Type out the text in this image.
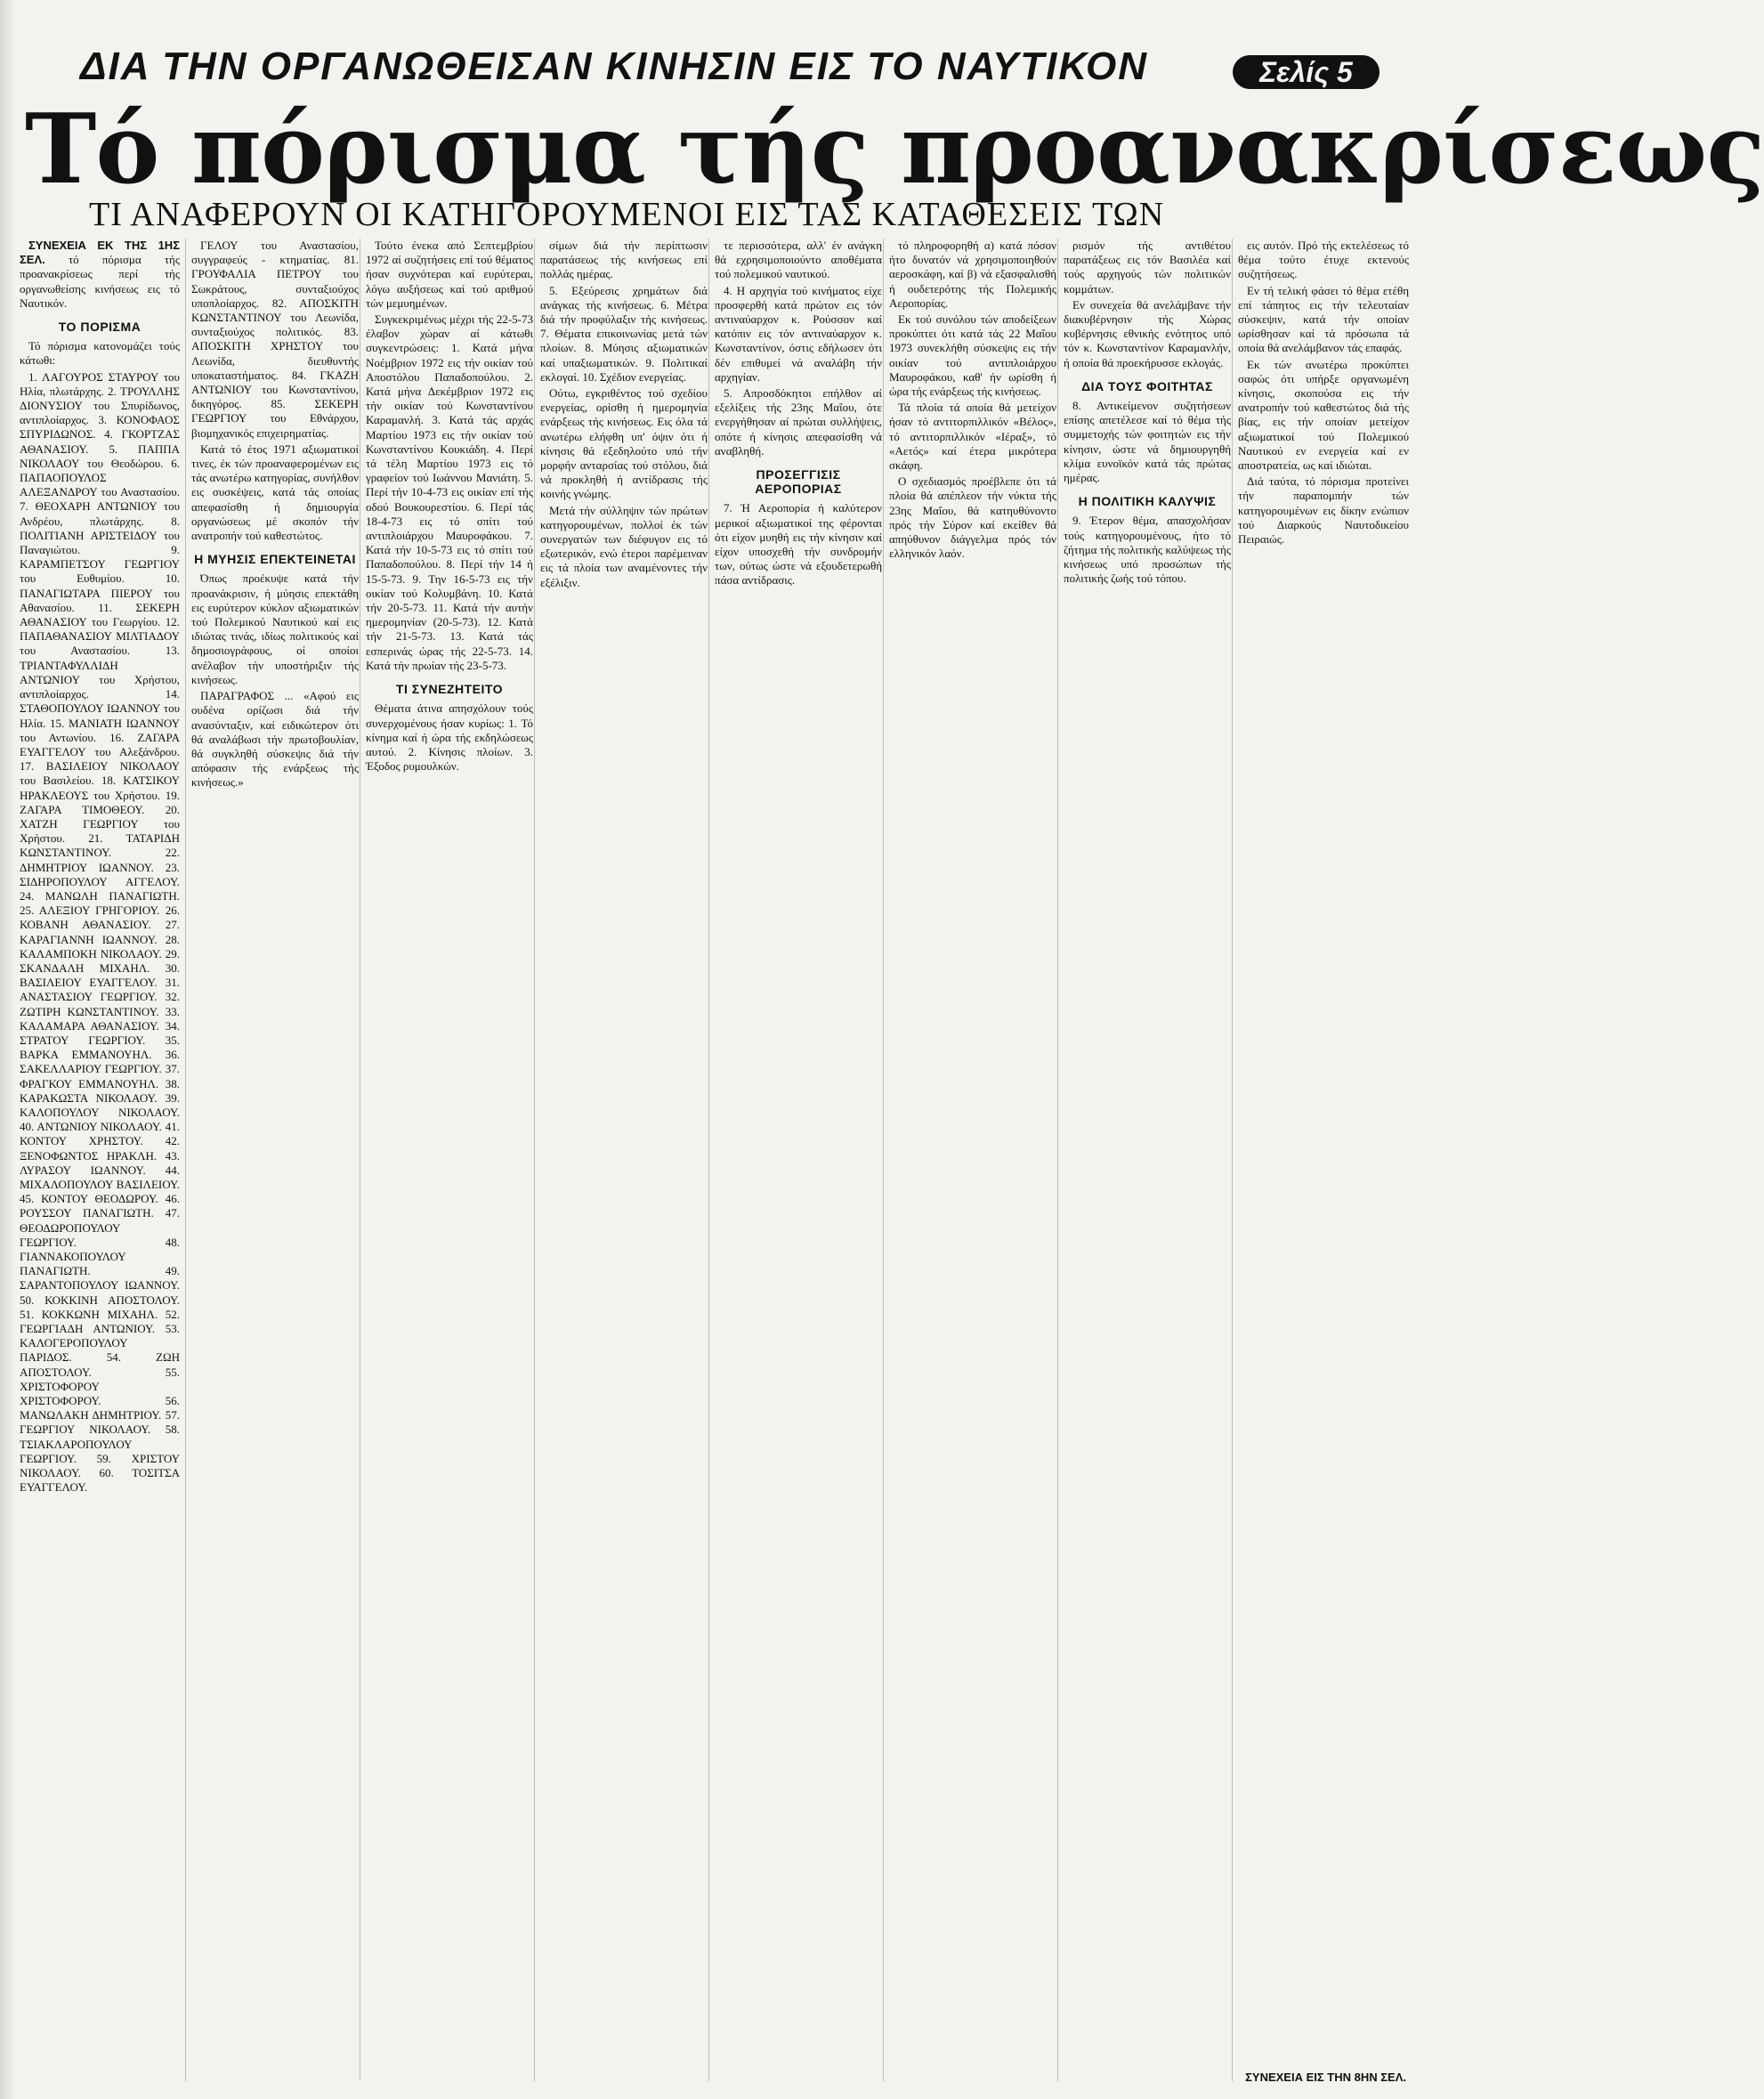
ΔΙΑ ΤΗΝ ΟΡΓΑΝΩΘΕΙΣΑΝ ΚΙΝΗΣΙΝ ΕΙΣ ΤΟ ΝΑΥΤΙΚΟΝ	Σελίς 5
Τό πόρισμα τής προανακρίσεως
ΤΙ ΑΝΑΦΕΡΟΥΝ ΟΙ ΚΑΤΗΓΟΡΟΥΜΕΝΟΙ ΕΙΣ ΤΑΣ ΚΑΤΑΘΕΣΕΙΣ ΤΩΝ

ΣΥΝΕΧΕΙΑ ΕΚ ΤΗΣ 1ΗΣ ΣΕΛ. τό πόρισμα τής προανακρίσεως περί τής οργανωθείσης κινήσεως εις τό Ναυτικόν.

ΤΟ ΠΟΡΙΣΜΑ

Τό πόρισμα κατονομάζει τούς κάτωθι:

1. ΛΑΓΟΥΡΟΣ ΣΤΑΥΡΟΥ του Ηλία, πλωτάρχης. 2. ΤΡΟΥΛΛΗΣ ΔΙΟΝΥΣΙΟΥ του Σπυρίδωνος, αντιπλοίαρχος. 3. ΚΟΝΟΦΑΟΣ ΣΠΥΡΙΔΩΝΟΣ. 4. ΓΚΟΡΤΖΑΣ ΑΘΑΝΑΣΙΟΥ. 5. ΠΑΠΠΑ ΝΙΚΟΛΑΟΥ του Θεοδώρου. 6. ΠΑΠΑΟΠΟΥΛΟΣ ΑΛΕΞΑΝΔΡΟΥ του Αναστασίου. 7. ΘΕΟΧΑΡΗ ΑΝΤΩΝΙΟΥ του Ανδρέου, πλωτάρχης. 8. ΠΟΛΙΤΙΑΝΗ ΑΡΙΣΤΕΙΔΟΥ του Παναγιώτου. 9. ΚΑΡΑΜΠΕΤΣΟΥ ΓΕΩΡΓΙΟΥ του Ευθυμίου. 10. ΠΑΝΑΓΙΩΤΑΡΑ ΠΙΕΡΟΥ του Αθανασίου. 11. ΣΕΚΕΡΗ ΑΘΑΝΑΣΙΟΥ του Γεωργίου. 12. ΠΑΠΑΘΑΝΑΣΙΟΥ ΜΙΛΤΙΑΔΟΥ του Αναστασίου. 13. ΤΡΙΑΝΤΑΦΥΛΛΙΔΗ ΑΝΤΩΝΙΟΥ του Χρήστου, αντιπλοίαρχος. 14. ΣΤΑΘΟΠΟΥΛΟΥ ΙΩΑΝΝΟΥ του Ηλία. 15. ΜΑΝΙΑΤΗ ΙΩΑΝΝΟΥ του Αντωνίου. 16. ΖΑΓΑΡΑ ΕΥΑΓΓΕΛΟΥ του Αλεξάνδρου. 17. ΒΑΣΙΛΕΙΟΥ ΝΙΚΟΛΑΟΥ του Βασιλείου. 18. ΚΑΤΣΙΚΟΥ ΗΡΑΚΛΕΟΥΣ του Χρήστου. 19. ΖΑΓΑΡΑ ΤΙΜΟΘΕΟΥ. 20. ΧΑΤΖΗ ΓΕΩΡΓΙΟΥ του Χρήστου. 21. ΤΑΤΑΡΙΔΗ ΚΩΝΣΤΑΝΤΙΝΟΥ. 22. ΔΗΜΗΤΡΙΟΥ ΙΩΑΝΝΟΥ. 23. ΣΙΔΗΡΟΠΟΥΛΟΥ ΑΓΓΕΛΟΥ. 24. ΜΑΝΩΛΗ ΠΑΝΑΓΙΩΤΗ. 25. ΑΛΕΞΙΟΥ ΓΡΗΓΟΡΙΟΥ. 26. ΚΟΒΑΝΗ ΑΘΑΝΑΣΙΟΥ. 27. ΚΑΡΑΓΙΑΝΝΗ ΙΩΑΝΝΟΥ. 28. ΚΑΛΑΜΠΟΚΗ ΝΙΚΟΛΑΟΥ. 29. ΣΚΑΝΔΑΛΗ ΜΙΧΑΗΛ. 30. ΒΑΣΙΛΕΙΟΥ ΕΥΑΓΓΕΛΟΥ. 31. ΑΝΑΣΤΑΣΙΟΥ ΓΕΩΡΓΙΟΥ. 32. ΖΩΤΙΡΗ ΚΩΝΣΤΑΝΤΙΝΟΥ. 33. ΚΑΛΑΜΑΡΑ ΑΘΑΝΑΣΙΟΥ. 34. ΣΤΡΑΤΟΥ ΓΕΩΡΓΙΟΥ. 35. ΒΑΡΚΑ ΕΜΜΑΝΟΥΗΛ. 36. ΣΑΚΕΛΛΑΡΙΟΥ ΓΕΩΡΓΙΟΥ. 37. ΦΡΑΓΚΟΥ ΕΜΜΑΝΟΥΗΛ. 38. ΚΑΡΑΚΩΣΤΑ ΝΙΚΟΛΑΟΥ. 39. ΚΑΛΟΠΟΥΛΟΥ ΝΙΚΟΛΑΟΥ. 40. ΑΝΤΩΝΙΟΥ ΝΙΚΟΛΑΟΥ. 41. ΚΟΝΤΟΥ ΧΡΗΣΤΟΥ. 42. ΞΕΝΟΦΩΝΤΟΣ ΗΡΑΚΛΗ. 43. ΛΥΡΑΣΟΥ ΙΩΑΝΝΟΥ. 44. ΜΙΧΑΛΟΠΟΥΛΟΥ ΒΑΣΙΛΕΙΟΥ. 45. ΚΟΝΤΟΥ ΘΕΟΔΩΡΟΥ. 46. ΡΟΥΣΣΟΥ ΠΑΝΑΓΙΩΤΗ. 47. ΘΕΟΔΩΡΟΠΟΥΛΟΥ ΓΕΩΡΓΙΟΥ. 48. ΓΙΑΝΝΑΚΟΠΟΥΛΟΥ ΠΑΝΑΓΙΩΤΗ. 49. ΣΑΡΑΝΤΟΠΟΥΛΟΥ ΙΩΑΝΝΟΥ. 50. ΚΟΚΚΙΝΗ ΑΠΟΣΤΟΛΟΥ. 51. ΚΟΚΚΩΝΗ ΜΙΧΑΗΛ. 52. ΓΕΩΡΓΙΑΔΗ ΑΝΤΩΝΙΟΥ. 53. ΚΑΛΟΓΕΡΟΠΟΥΛΟΥ ΠΑΡΙΔΟΣ. 54. ΖΩΗ ΑΠΟΣΤΟΛΟΥ. 55. ΧΡΙΣΤΟΦΟΡΟΥ ΧΡΙΣΤΟΦΟΡΟΥ. 56. ΜΑΝΩΛΑΚΗ ΔΗΜΗΤΡΙΟΥ. 57. ΓΕΩΡΓΙΟΥ ΝΙΚΟΛΑΟΥ. 58. ΤΣΙΑΚΛΑΡΟΠΟΥΛΟΥ ΓΕΩΡΓΙΟΥ. 59. ΧΡΙΣΤΟΥ ΝΙΚΟΛΑΟΥ. 60. ΤΟΣΙΤΣΑ ΕΥΑΓΓΕΛΟΥ.

ΓΕΛΟΥ του Αναστασίου, συγγραφεύς - κτηματίας. 81. ΓΡΟΥΦΑΛΙΑ ΠΕΤΡΟΥ του Σωκράτους, συνταξιούχος υποπλοίαρχος. 82. ΑΠΟΣΚΙΤΗ ΚΩΝΣΤΑΝΤΙΝΟΥ του Λεωνίδα, συνταξιούχος πολιτικός. 83. ΑΠΟΣΚΙΤΗ ΧΡΗΣΤΟΥ του Λεωνίδα, διευθυντής υποκαταστήματος. 84. ΓΚΑΖΗ ΑΝΤΩΝΙΟΥ του Κωνσταντίνου, δικηγόρος. 85. ΣΕΚΕΡΗ ΓΕΩΡΓΙΟΥ του Εθνάρχου, βιομηχανικός επιχειρηματίας.

Κατά τό έτος 1971 αξιωματικοί τινες, έκ τών προαναφερομένων εις τάς ανωτέρω κατηγορίας, συνήλθον εις συσκέψεις, κατά τάς οποίας απεφασίσθη ή δημιουργία οργανώσεως μέ σκοπόν τήν ανατροπήν τού καθεστώτος.

Η ΜΥΗΣΙΣ ΕΠΕΚΤΕΙΝΕΤΑΙ

Όπως προέκυψε κατά τήν προανάκρισιν, ή μύησις επεκτάθη εις ευρύτερον κύκλον αξιωματικών τού Πολεμικού Ναυτικού καί εις ιδιώτας τινάς, ιδίως πολιτικούς καί δημοσιογράφους, οί οποίοι ανέλαβον τήν υποστήριξιν τής κινήσεως.

ΠΑΡΑΓΡΑΦΟΣ ... «Αφού εις ουδένα ορίζωσι διά τήν ανασύνταξιν, καί ειδικώτερον ότι θά αναλάβωσι τήν πρωτοβουλίαν, θά συγκληθή σύσκεψις διά τήν απόφασιν τής ενάρξεως τής κινήσεως.»

Τούτο ένεκα από Σεπτεμβρίου 1972 αί συζητήσεις επί τού θέματος ήσαν συχνότεραι καί ευρύτεραι, λόγω αυξήσεως καί τού αριθμού τών μεμυημένων.

Συγκεκριμένως μέχρι τής 22-5-73 έλαβον χώραν αί κάτωθι συγκεντρώσεις: 1. Κατά μήνα Νοέμβριον 1972 εις τήν οικίαν τού Αποστόλου Παπαδοπούλου. 2. Κατά μήνα Δεκέμβριον 1972 εις τήν οικίαν τού Κωνσταντίνου Καραμανλή. 3. Κατά τάς αρχάς Μαρτίου 1973 εις τήν οικίαν τού Κωνσταντίνου Κουκιάδη. 4. Περί τά τέλη Μαρτίου 1973 εις τό γραφείον τού Ιωάννου Μανιάτη. 5. Περί τήν 10-4-73 εις οικίαν επί τής οδού Βουκουρεστίου. 6. Περί τάς 18-4-73 εις τό σπίτι τού αντιπλοιάρχου Μαυροφάκου. 7. Κατά τήν 10-5-73 εις τό σπίτι τού Παπαδοπούλου. 8. Περί τήν 14 ή 15-5-73. 9. Την 16-5-73 εις τήν οικίαν τού Κολυμβάνη. 10. Κατά τήν 20-5-73. 11. Κατά τήν αυτήν ημερομηνίαν (20-5-73). 12. Κατά τήν 21-5-73. 13. Κατά τάς εσπερινάς ώρας τής 22-5-73. 14. Κατά τήν πρωίαν τής 23-5-73.

ΤΙ ΣΥΝΕΖΗΤΕΙΤΟ

Θέματα άτινα απησχόλουν τούς συνερχομένους ήσαν κυρίως: 1. Τό κίνημα καί ή ώρα τής εκδηλώσεως αυτού. 2. Κίνησις πλοίων. 3. Έξοδος ρυμουλκών.

σίμων διά τήν περίπτωσιν παρατάσεως τής κινήσεως επί πολλάς ημέρας.

5. Εξεύρεσις χρημάτων διά ανάγκας τής κινήσεως. 6. Μέτρα διά τήν προφύλαξιν τής κινήσεως. 7. Θέματα επικοινωνίας μετά τών πλοίων. 8. Μύησις αξιωματικών καί υπαξιωματικών. 9. Πολιτικαί εκλογαί. 10. Σχέδιον ενεργείας.

Ούτω, εγκριθέντος τού σχεδίου ενεργείας, ορίσθη ή ημερομηνία ενάρξεως τής κινήσεως. Εις όλα τά ανωτέρω ελήφθη υπ' όψιν ότι ή κίνησις θά εξεδηλούτο υπό τήν μορφήν ανταρσίας τού στόλου, διά νά προκληθή ή αντίδρασις τής κοινής γνώμης.

Μετά τήν σύλληψιν τών πρώτων κατηγορουμένων, πολλοί έκ τών συνεργατών των διέφυγον εις τό εξωτερικόν, ενώ έτεροι παρέμειναν εις τά πλοία των αναμένοντες τήν εξέλιξιν.

τε περισσότερα, αλλ' έν ανάγκη θά εχρησιμοποιούντο αποθέματα τού πολεμικού ναυτικού.

4. Η αρχηγία τού κινήματος είχε προσφερθή κατά πρώτον εις τόν αντιναύαρχον κ. Ρούσσον καί κατόπιν εις τόν αντιναύαρχον κ. Κωνσταντίνον, όστις εδήλωσεν ότι δέν επιθυμεί νά αναλάβη τήν αρχηγίαν.

5. Απροσδόκητοι επήλθον αί εξελίξεις τής 23ης Μαΐου, ότε ενεργήθησαν αί πρώται συλλήψεις, οπότε ή κίνησις απεφασίσθη νά αναβληθή.

ΠΡΟΣΕΓΓΙΣΙΣ ΑΕΡΟΠΟΡΙΑΣ

7. Ή Αεροπορία ή καλύτερον μερικοί αξιωματικοί της φέρονται ότι είχον μυηθή εις τήν κίνησιν καί είχον υποσχεθή τήν συνδρομήν των, ούτως ώστε νά εξουδετερωθή πάσα αντίδρασις.

τό πληροφορηθή α) κατά πόσον ήτο δυνατόν νά χρησιμοποιηθούν αεροσκάφη, καί β) νά εξασφαλισθή ή ουδετερότης τής Πολεμικής Αεροπορίας.

Εκ τού συνόλου τών αποδείξεων προκύπτει ότι κατά τάς 22 Μαΐου 1973 συνεκλήθη σύσκεψις εις τήν οικίαν τού αντιπλοιάρχου Μαυροφάκου, καθ' ήν ωρίσθη ή ώρα τής ενάρξεως τής κινήσεως.

Τά πλοία τά οποία θά μετείχον ήσαν τό αντιτορπιλλικόν «Βέλος», τό αντιτορπιλλικόν «Ιέραξ», τό «Αετός» καί έτερα μικρότερα σκάφη.

Ο σχεδιασμός προέβλεπε ότι τά πλοία θά απέπλεον τήν νύκτα τής 23ης Μαΐου, θά κατηυθύνοντο πρός τήν Σύρον καί εκείθεν θά απηύθυνον διάγγελμα πρός τόν ελληνικόν λαόν.

ρισμόν τής αντιθέτου παρατάξεως εις τόν Βασιλέα καί τούς αρχηγούς τών πολιτικών κομμάτων.

Εν συνεχεία θά ανελάμβανε τήν διακυβέρνησιν τής Χώρας κυβέρνησις εθνικής ενότητος υπό τόν κ. Κωνσταντίνον Καραμανλήν, ή οποία θά προεκήρυσσε εκλογάς.

ΔΙΑ ΤΟΥΣ ΦΟΙΤΗΤΑΣ

8. Αντικείμενον συζητήσεων επίσης απετέλεσε καί τό θέμα τής συμμετοχής τών φοιτητών εις τήν κίνησιν, ώστε νά δημιουργηθή κλίμα ευνοϊκόν κατά τάς πρώτας ημέρας.

Η ΠΟΛΙΤΙΚΗ ΚΑΛΥΨΙΣ

9. Έτερον θέμα, απασχολήσαν τούς κατηγορουμένους, ήτο τό ζήτημα τής πολιτικής καλύψεως τής κινήσεως υπό προσώπων τής πολιτικής ζωής τού τόπου.

εις αυτόν. Πρό τής εκτελέσεως τό θέμα τούτο έτυχε εκτενούς συζητήσεως.

Εν τή τελική φάσει τό θέμα ετέθη επί τάπητος εις τήν τελευταίαν σύσκεψιν, κατά τήν οποίαν ωρίσθησαν καί τά πρόσωπα τά οποία θά ανελάμβανον τάς επαφάς.

Εκ τών ανωτέρω προκύπτει σαφώς ότι υπήρξε οργανωμένη κίνησις, σκοπούσα εις τήν ανατροπήν τού καθεστώτος διά τής βίας, εις τήν οποίαν μετείχον αξιωματικοί τού Πολεμικού Ναυτικού εν ενεργεία καί εν αποστρατεία, ως καί ιδιώται.

Διά ταύτα, τό πόρισμα προτείνει τήν παραπομπήν τών κατηγορουμένων εις δίκην ενώπιον τού Διαρκούς Ναυτοδικείου Πειραιώς.

ΣΥΝΕΧΕΙΑ ΕΙΣ ΤΗΝ 8ΗΝ ΣΕΛ.
